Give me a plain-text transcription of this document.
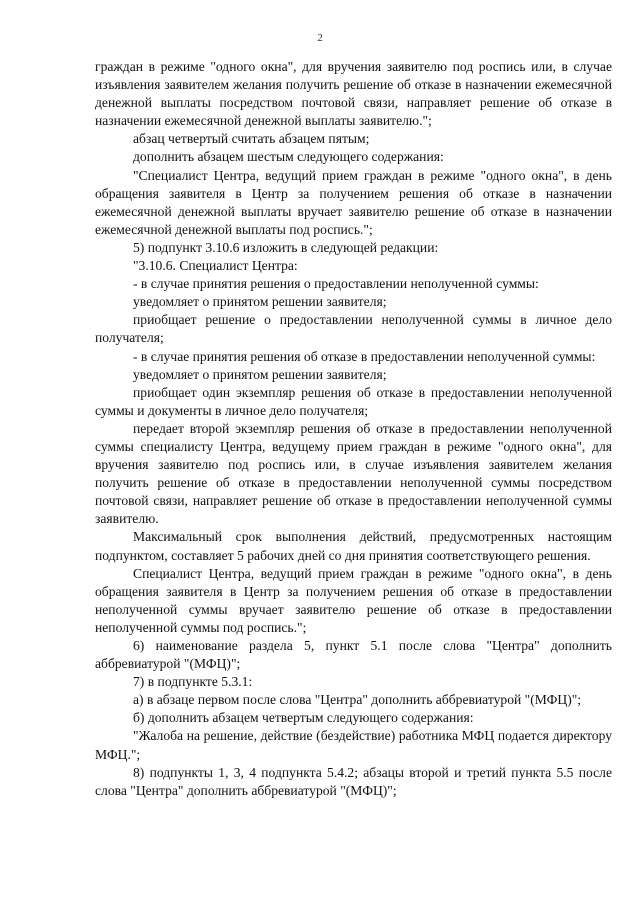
2

граждан в режиме "одного окна", для вручения заявителю под роспись или, в случае изъявления заявителем желания получить решение об отказе в назначении ежемесячной денежной выплаты посредством почтовой связи, направляет решение об отказе в назначении ежемесячной денежной выплаты заявителю.";

абзац четвертый считать абзацем пятым;

дополнить абзацем шестым следующего содержания:

"Специалист Центра, ведущий прием граждан в режиме "одного окна", в день обращения заявителя в Центр за получением решения об отказе в назначении ежемесячной денежной выплаты вручает заявителю решение об отказе в назначении ежемесячной денежной выплаты под роспись.";

5) подпункт 3.10.6 изложить в следующей редакции:

"3.10.6. Специалист Центра:

- в случае принятия решения о предоставлении неполученной суммы:

уведомляет о принятом решении заявителя;

приобщает решение о предоставлении неполученной суммы в личное дело получателя;

- в случае принятия решения об отказе в предоставлении неполученной суммы:

уведомляет о принятом решении заявителя;

приобщает один экземпляр решения об отказе в предоставлении неполученной суммы и документы в личное дело получателя;

передает второй экземпляр решения об отказе в предоставлении неполученной суммы специалисту Центра, ведущему прием граждан в режиме "одного окна", для вручения заявителю под роспись или, в случае изъявления заявителем желания получить решение об отказе в предоставлении неполученной суммы посредством почтовой связи, направляет решение об отказе в предоставлении неполученной суммы заявителю.

Максимальный срок выполнения действий, предусмотренных настоящим подпунктом, составляет 5 рабочих дней со дня принятия соответствующего решения.

Специалист Центра, ведущий прием граждан в режиме "одного окна", в день обращения заявителя в Центр за получением решения об отказе в предоставлении неполученной суммы вручает заявителю решение об отказе в предоставлении неполученной суммы под роспись.";

6) наименование раздела 5, пункт 5.1 после слова "Центра" дополнить аббревиатурой "(МФЦ)";

7) в подпункте 5.3.1:

а) в абзаце первом после слова "Центра" дополнить аббревиатурой "(МФЦ)";

б) дополнить абзацем четвертым следующего содержания:

"Жалоба на решение, действие (бездействие) работника МФЦ подается директору МФЦ.";

8) подпункты 1, 3, 4 подпункта 5.4.2; абзацы второй и третий пункта 5.5 после слова "Центра" дополнить аббревиатурой "(МФЦ)";
